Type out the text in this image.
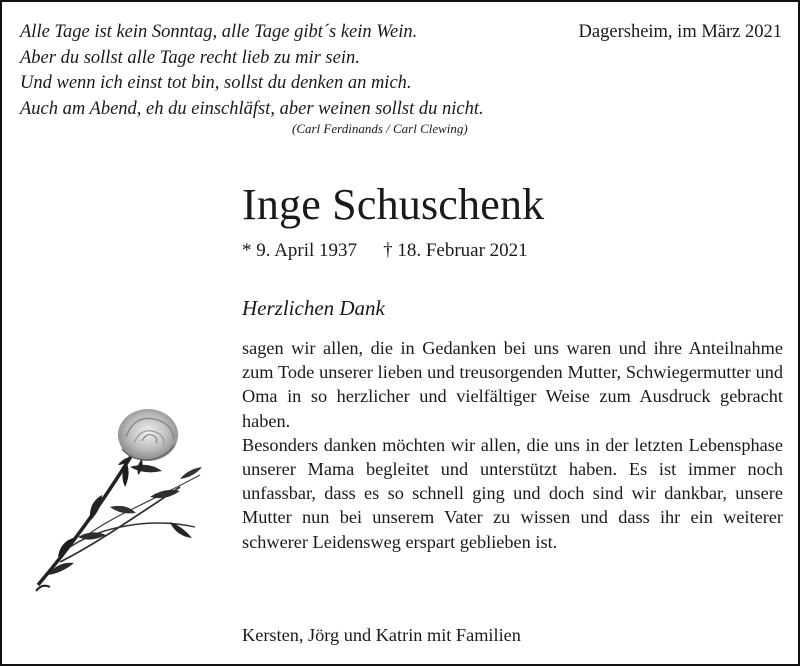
Alle Tage ist kein Sonntag, alle Tage gibt´s kein Wein.
Aber du sollst alle Tage recht lieb zu mir sein.
Und wenn ich einst tot bin, sollst du denken an mich.
Auch am Abend, eh du einschläfst, aber weinen sollst du nicht.
(Carl Ferdinands / Carl Clewing)
Dagersheim, im März 2021
Inge Schuschenk
* 9. April 1937 † 18. Februar 2021
Herzlichen Dank

sagen wir allen, die in Gedanken bei uns waren und ihre Anteilnahme zum Tode unserer lieben und treusorgenden Mutter, Schwiegermutter und Oma in so herzlicher und vielfältiger Weise zum Ausdruck gebracht haben.

Besonders danken möchten wir allen, die uns in der letzten Lebensphase unserer Mama begleitet und unterstützt haben. Es ist immer noch unfassbar, dass es so schnell ging und doch sind wir dankbar, unsere Mutter nun bei unserem Vater zu wissen und dass ihr ein weiterer schwerer Leidensweg erspart geblieben ist.

Kersten, Jörg und Katrin mit Familien
